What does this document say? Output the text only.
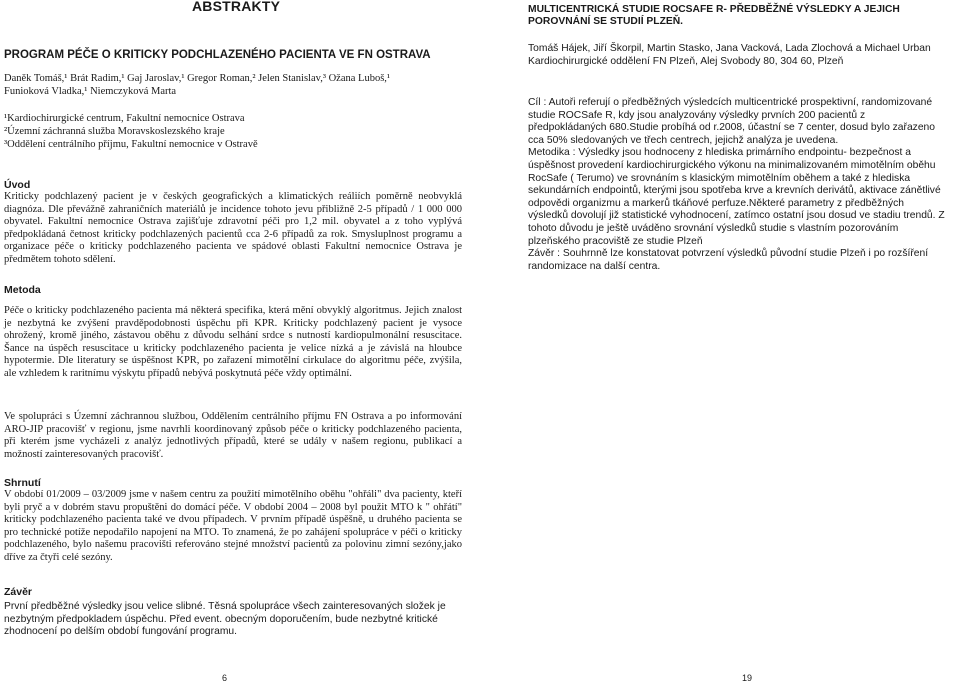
ABSTRAKTY
PROGRAM PÉČE O KRITICKY PODCHLAZENÉHO PACIENTA VE FN OSTRAVA
Daněk Tomáš,¹ Brát Radim,¹ Gaj Jaroslav,¹ Gregor Roman,² Jelen Stanislav,³ Ožana Luboš,¹
Funioková Vladka,¹ Niemczyková Marta
¹Kardiochirurgické centrum, Fakultní nemocnice Ostrava
²Územní záchranná služba Moravskoslezského kraje
³Oddělení centrálního příjmu, Fakultní nemocnice v Ostravě
Úvod
Kriticky podchlazený pacient je v českých geografických a klimatických reáliích poměrně neobvyklá diagnóza. Dle převážně zahraničních materiálů je incidence tohoto jevu přibližně 2-5 případů / 1 000 000 obyvatel. Fakultní nemocnice Ostrava zajišťuje zdravotní péči pro 1,2 mil. obyvatel a z toho vyplývá předpokládaná četnost kriticky podchlazených pacientů cca 2-6 případů za rok. Smysluplnost programu a organizace péče o kriticky podchlazeného pacienta ve spádové oblasti Fakultní nemocnice Ostrava je předmětem tohoto sdělení.
Metoda
Péče o kriticky podchlazeného pacienta má některá specifika, která mění obvyklý algoritmus. Jejich znalost je nezbytná ke zvýšení pravděpodobnosti úspěchu při KPR. Kriticky podchlazený pacient je vysoce ohrožený, kromě jiného, zástavou oběhu z důvodu selhání srdce s nutností kardiopulmonální resuscitace. Šance na úspěch resuscitace u kriticky podchlazeného pacienta je velice nízká a je závislá na hloubce hypotermie. Dle literatury se úspěšnost KPR, po zařazení mimotělní cirkulace do algoritmu péče, zvýšila, ale vzhledem k raritnímu výskytu případů nebývá poskytnutá péče vždy optimální.
Ve spolupráci s Územní záchrannou službou, Oddělením centrálního příjmu FN Ostrava a po informování ARO-JIP pracovišť v regionu, jsme navrhli koordinovaný způsob péče o kriticky podchlazeného pacienta, při kterém jsme vycházeli z analýz jednotlivých případů, které se udály v našem regionu, publikací a možností zainteresovaných pracovišť.
Shrnutí
V období 01/2009 – 03/2009 jsme v našem centru za použití mimotělního oběhu "ohřáli" dva pacienty, kteří byli pryč a v dobrém stavu propuštěni do domácí péče. V období 2004 – 2008 byl použit MTO k " ohřátí" kriticky podchlazeného pacienta také ve dvou případech. V prvním případě úspěšně, u druhého pacienta se pro technické potíže nepodařilo napojení na MTO. To znamená, že po zahájení spolupráce v péči o kriticky podchlazeného, bylo našemu pracovišti referováno stejné množství pacientů za polovinu zimní sezóny,jako dříve za čtyři celé sezóny.
Závěr
První předběžné výsledky jsou velice slibné. Těsná spolupráce všech zainteresovaných složek je nezbytným předpokladem úspěchu. Před event. obecným doporučením, bude nezbytné kritické zhodnocení po delším období fungování programu.
MULTICENTRICKÁ STUDIE ROCSAFE R- PŘEDBĚŽNÉ VÝSLEDKY A JEJICH POROVNÁNÍ SE STUDIÍ PLZEŇ.
Tomáš Hájek, Jiří Škorpil, Martin Stasko, Jana Vacková, Lada Zlochová a Michael Urban
Kardiochirurgické oddělení FN Plzeň, Alej Svobody 80, 304 60, Plzeň

Cíl : Autoři referují o předběžných výsledcích multicentrické prospektivní, randomizované studie ROCSafe R, kdy jsou analyzovány výsledky prvních 200 pacientů z předpokládaných 680.Studie probíhá od r.2008, účastní se 7 center, dosud bylo zařazeno cca 50% sledovaných ve třech centrech, jejichž analýza je uvedena.

Metodika : Výsledky jsou hodnoceny z hlediska primárního endpointu- bezpečnost a úspěšnost provedení kardiochirurgického výkonu na minimalizovaném mimotělním oběhu RocSafe ( Terumo) ve srovnáním s klasickým mimotělním oběhem a také z hlediska sekundárních endpointů, kterými jsou spotřeba krve a krevních derivátů, aktivace zánětlivé odpovědi organizmu a markerů tkáňové perfuze.Některé parametry z předběžných výsledků dovolují již statistické vyhodnocení, zatímco ostatní jsou dosud ve stadiu trendů. Z tohoto důvodu je ještě uváděno srovnání výsledků studie s vlastním pozorováním plzeňského pracoviště ze studie Plzeň

Závěr : Souhrnně lze konstatovat potvrzení výsledků původní studie Plzeň i po rozšíření randomizace na další centra.

6	19
